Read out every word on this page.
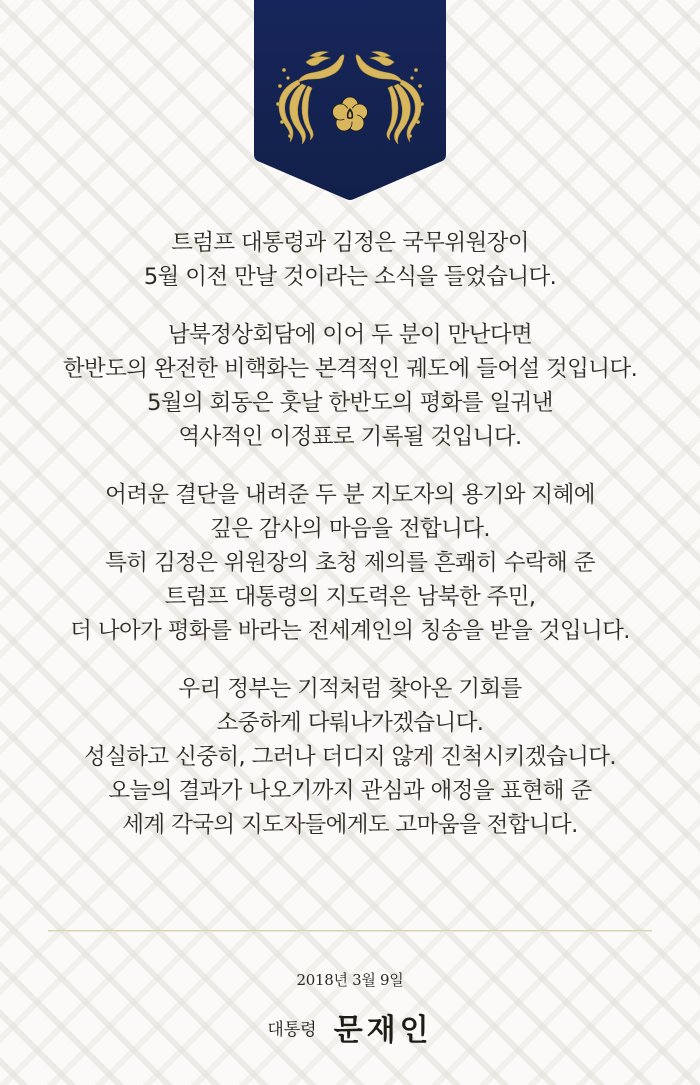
트럼프 대통령과 김정은 국무위원장이
5월 이전 만날 것이라는 소식을 들었습니다.
남북정상회담에 이어 두 분이 만난다면
한반도의 완전한 비핵화는 본격적인 궤도에 들어설 것입니다.
5월의 회동은 훗날 한반도의 평화를 일궈낸
역사적인 이정표로 기록될 것입니다.
어려운 결단을 내려준 두 분 지도자의 용기와 지혜에
깊은 감사의 마음을 전합니다.
특히 김정은 위원장의 초청 제의를 흔쾌히 수락해 준
트럼프 대통령의 지도력은 남북한 주민,
더 나아가 평화를 바라는 전세계인의 칭송을 받을 것입니다.
우리 정부는 기적처럼 찾아온 기회를
소중하게 다뤄나가겠습니다.
성실하고 신중히, 그러나 더디지 않게 진척시키겠습니다.
오늘의 결과가 나오기까지 관심과 애정을 표현해 준
세계 각국의 지도자들에게도 고마움을 전합니다.
2018년 3월 9일
대통령 문재인
